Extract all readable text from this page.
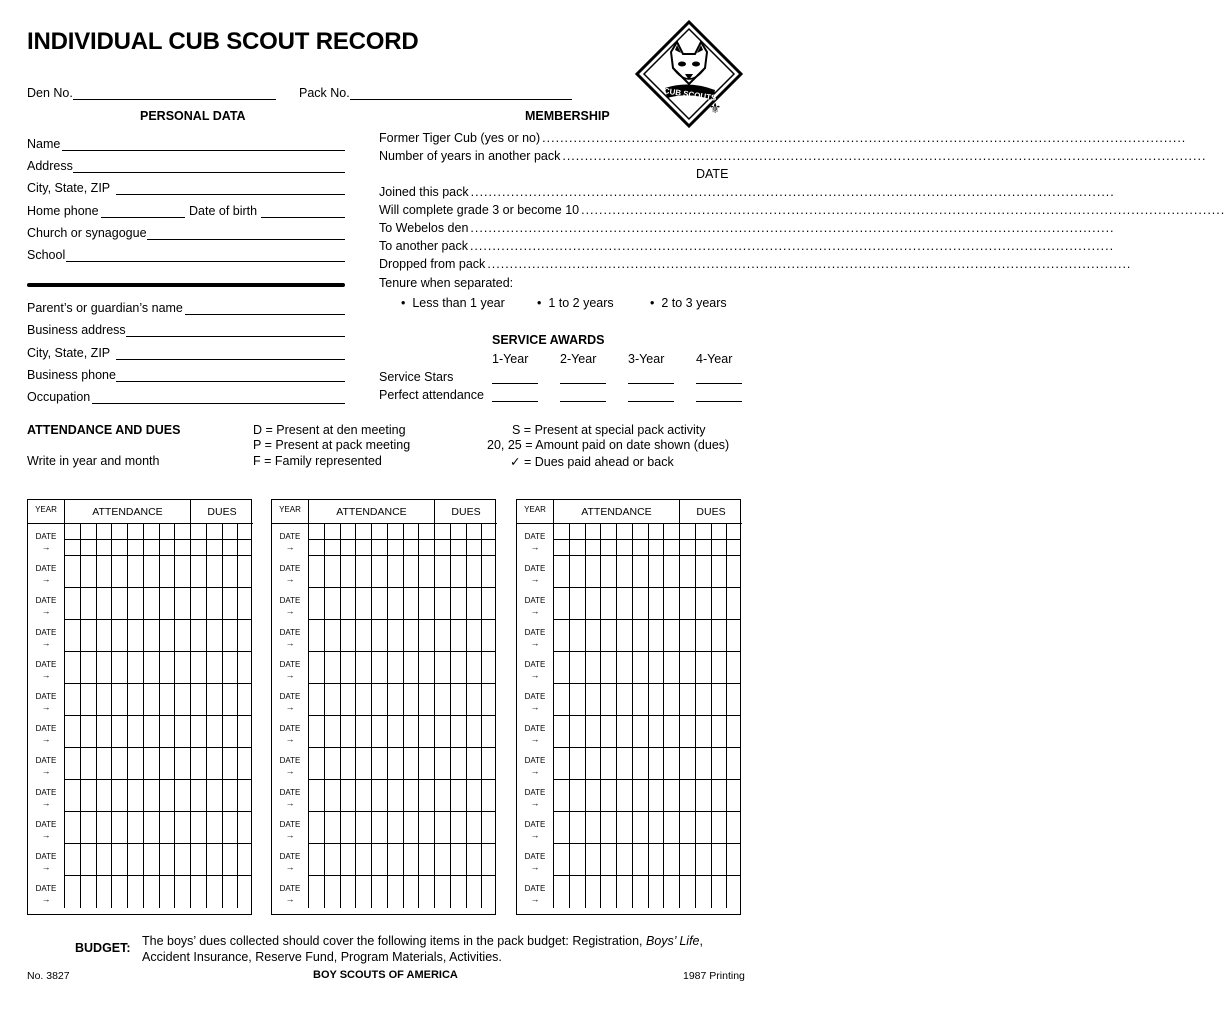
INDIVIDUAL CUB SCOUT RECORD
CUB SCOUTS
⚜
Den No.	Pack No.
PERSONAL DATA
Name
Address
City, State, ZIP
Home phone	Date of birth
Church or synagogue
School
Parent’s or guardian’s name
Business address
City, State, ZIP
Business phone
Occupation
MEMBERSHIP
Former Tiger Cub (yes or no) ................................................................................................................................................
Number of years in another pack ................................................................................................................................................
DATE
Joined this pack ................................................................................................................................................
Will complete grade 3 or become 10 ................................................................................................................................................
To Webelos den ................................................................................................................................................
To another pack ................................................................................................................................................
Dropped from pack ................................................................................................................................................
Tenure when separated:
• Less than 1 year	• 1 to 2 years	• 2 to 3 years
SERVICE AWARDS
1-Year	2-Year	3-Year	4-Year
Service Stars
Perfect attendance
ATTENDANCE AND DUES
Write in year and month
D = Present at den meeting
P = Present at pack meeting
F = Family represented
S = Present at special pack activity
20, 25 = Amount paid on date shown (dues)
✓ = Dues paid ahead or back
YEAR	ATTENDANCE	DUES
DATE
→
DATE
→
DATE
→
DATE
→
DATE
→
DATE
→
DATE
→
DATE
→
DATE
→
DATE
→
DATE
→
DATE
→
YEAR	ATTENDANCE	DUES
DATE
→
DATE
→
DATE
→
DATE
→
DATE
→
DATE
→
DATE
→
DATE
→
DATE
→
DATE
→
DATE
→
DATE
→
YEAR	ATTENDANCE	DUES
DATE
→
DATE
→
DATE
→
DATE
→
DATE
→
DATE
→
DATE
→
DATE
→
DATE
→
DATE
→
DATE
→
DATE
→
BUDGET: The boys’ dues collected should cover the following items in the pack budget: Registration, Boys’ Life,
Accident Insurance, Reserve Fund, Program Materials, Activities.
No. 3827	BOY SCOUTS OF AMERICA	1987 Printing
